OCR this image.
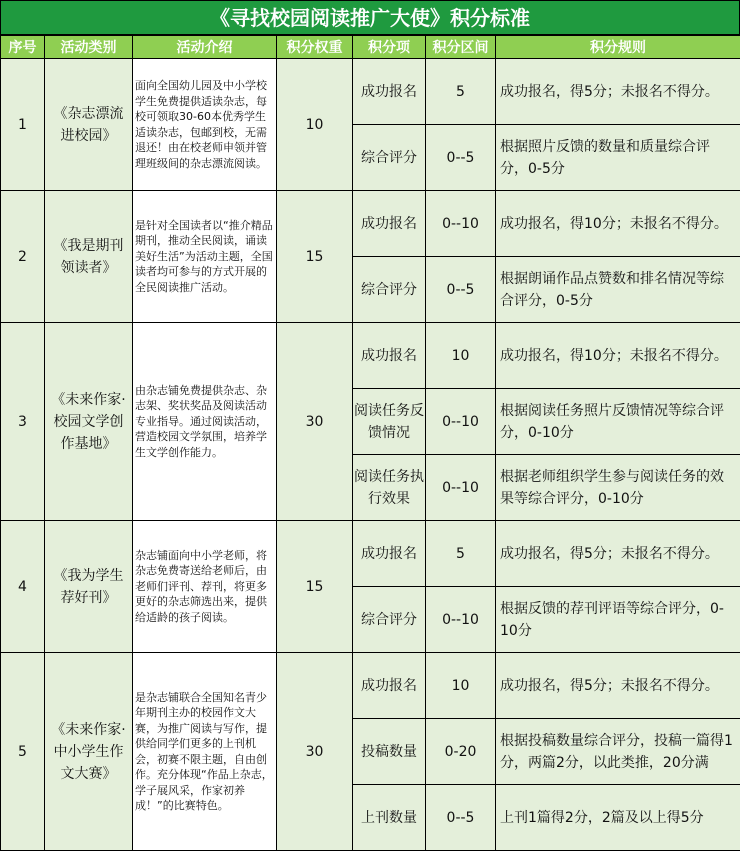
《寻找校园阅读推广大使》积分标准
序号	活动类别	活动介绍	积分权重	积分项	积分区间	积分规则
1	《杂志漂流进校园》	面向全国幼儿园及中小学校学生免费提供适读杂志，每校可领取30-60本优秀学生适读杂志，包邮到校，无需退还！由在校老师申领并管理班级间的杂志漂流阅读。	10	成功报名	5	成功报名，得5分；未报名不得分。
				综合评分	0--5	根据照片反馈的数量和质量综合评分，0-5分
2	《我是期刊领读者》	是针对全国读者以“推介精品期刊，推动全民阅读，诵读美好生活”为活动主题，全国读者均可参与的方式开展的全民阅读推广活动。	15	成功报名	0--10	成功报名，得10分；未报名不得分。
				综合评分	0--5	根据朗诵作品点赞数和排名情况等综合评分，0-5分
3	《未来作家·校园文学创作基地》	由杂志铺免费提供杂志、杂志架、奖状奖品及阅读活动专业指导。通过阅读活动，营造校园文学氛围，培养学生文学创作能力。	30	成功报名	10	成功报名，得10分；未报名不得分。
				阅读任务反馈情况	0--10	根据阅读任务照片反馈情况等综合评分，0-10分
				阅读任务执行效果	0--10	根据老师组织学生参与阅读任务的效果等综合评分，0-10分
4	《我为学生荐好刊》	杂志铺面向中小学老师，将杂志免费寄送给老师后，由老师们评刊、荐刊，将更多更好的杂志筛选出来，提供给适龄的孩子阅读。	15	成功报名	5	成功报名，得5分；未报名不得分。
				综合评分	0--10	根据反馈的荐刊评语等综合评分，0-10分
5	《未来作家·中小学生作文大赛》	是杂志铺联合全国知名青少年期刊主办的校园作文大赛，为推广阅读与写作，提供给同学们更多的上刊机会，初赛不限主题，自由创作。充分体现“作品上杂志，学子展风采，作家初养成！”的比赛特色。	30	成功报名	10	成功报名，得5分；未报名不得分。
				投稿数量	0-20	根据投稿数量综合评分，投稿一篇得1分，两篇2分，以此类推，20分满
				上刊数量	0--5	上刊1篇得2分，2篇及以上得5分
